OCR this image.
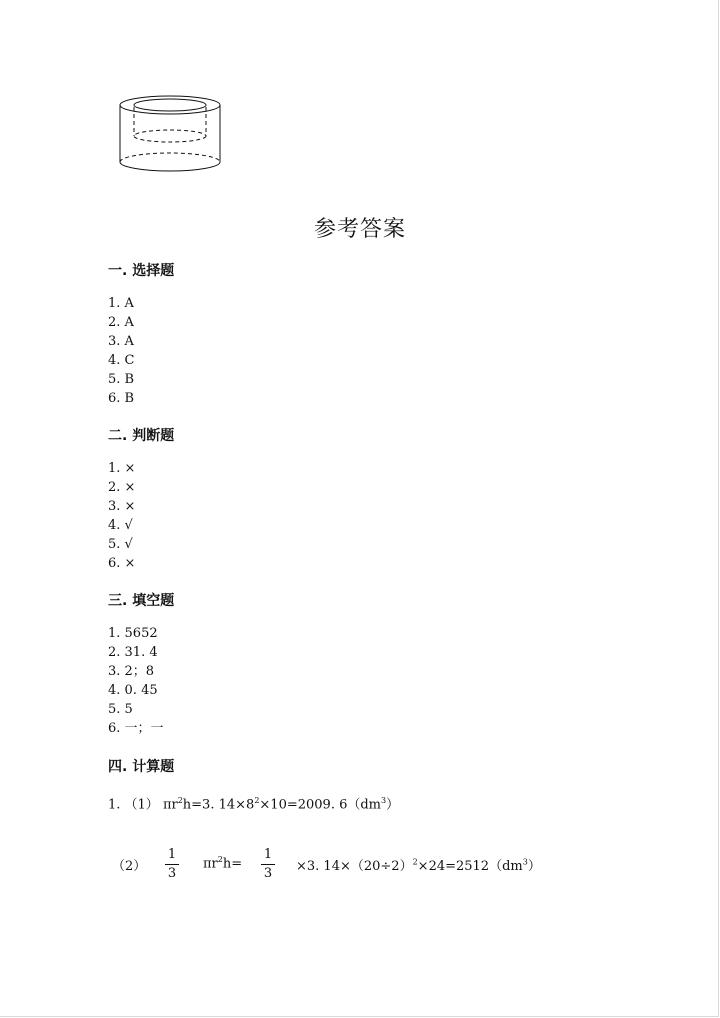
参考答案
一. 选择题
1. A
2. A
3. A
4. C
5. B
6. B
二. 判断题
1. ×
2. ×
3. ×
4. √
5. √
6. ×
三. 填空题
1. 5652
2. 31. 4
3. 2；8
4. 0. 45
5. 5
6. 一；一
四. 计算题
1. （1） $\pi r^2h=3$. $14\times 8^2\times 10=2009$. $6(dm^3)$
（2）
1
3
$\pi r^2h=$
1
3 ×3. $14\times(20\div 2)^2\times 24=2512(dm^3)$
